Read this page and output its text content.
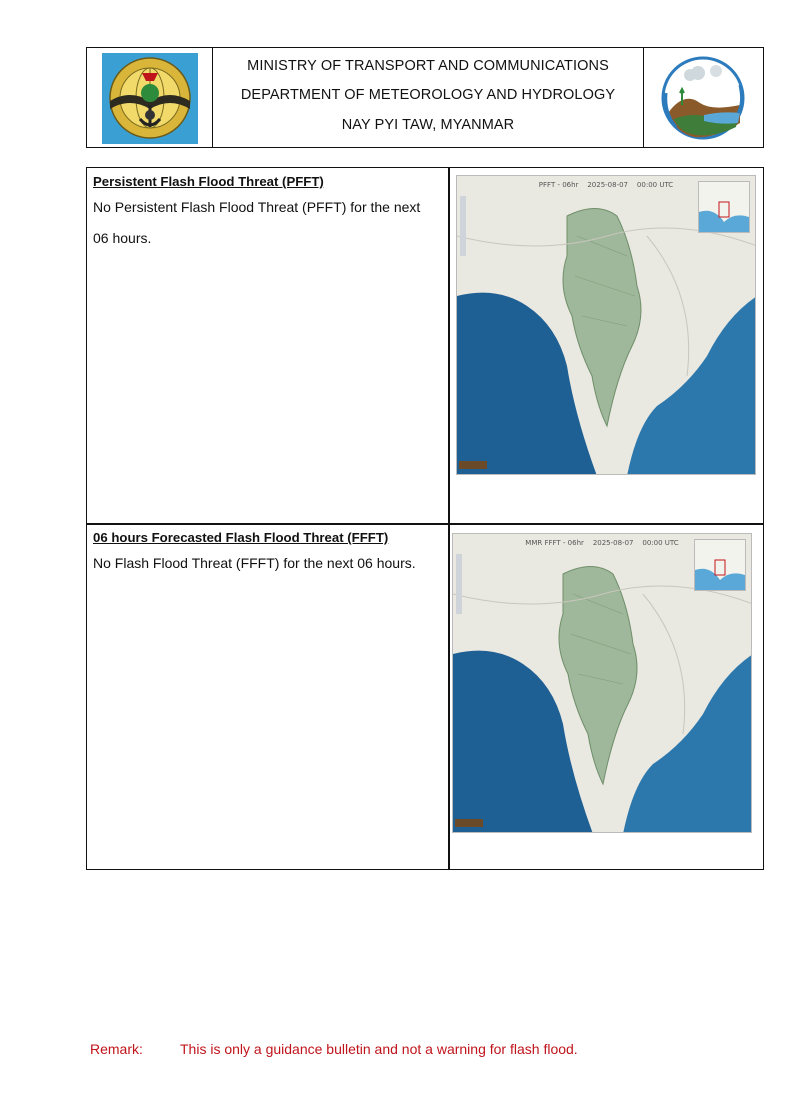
MINISTRY OF TRANSPORT AND COMMUNICATIONS
DEPARTMENT OF METEOROLOGY AND HYDROLOGY
NAY PYI TAW, MYANMAR
Persistent Flash Flood Threat (PFFT)
No Persistent Flash Flood Threat (PFFT) for the next
06 hours.
PFFT - 06hr 2025-08-07 00:00 UTC
06 hours Forecasted Flash Flood Threat (FFFT)
No Flash Flood Threat (FFFT) for the next 06 hours.
MMR FFFT - 06hr 2025-08-07 00:00 UTC
Remark:	This is only a guidance bulletin and not a warning for flash flood.
